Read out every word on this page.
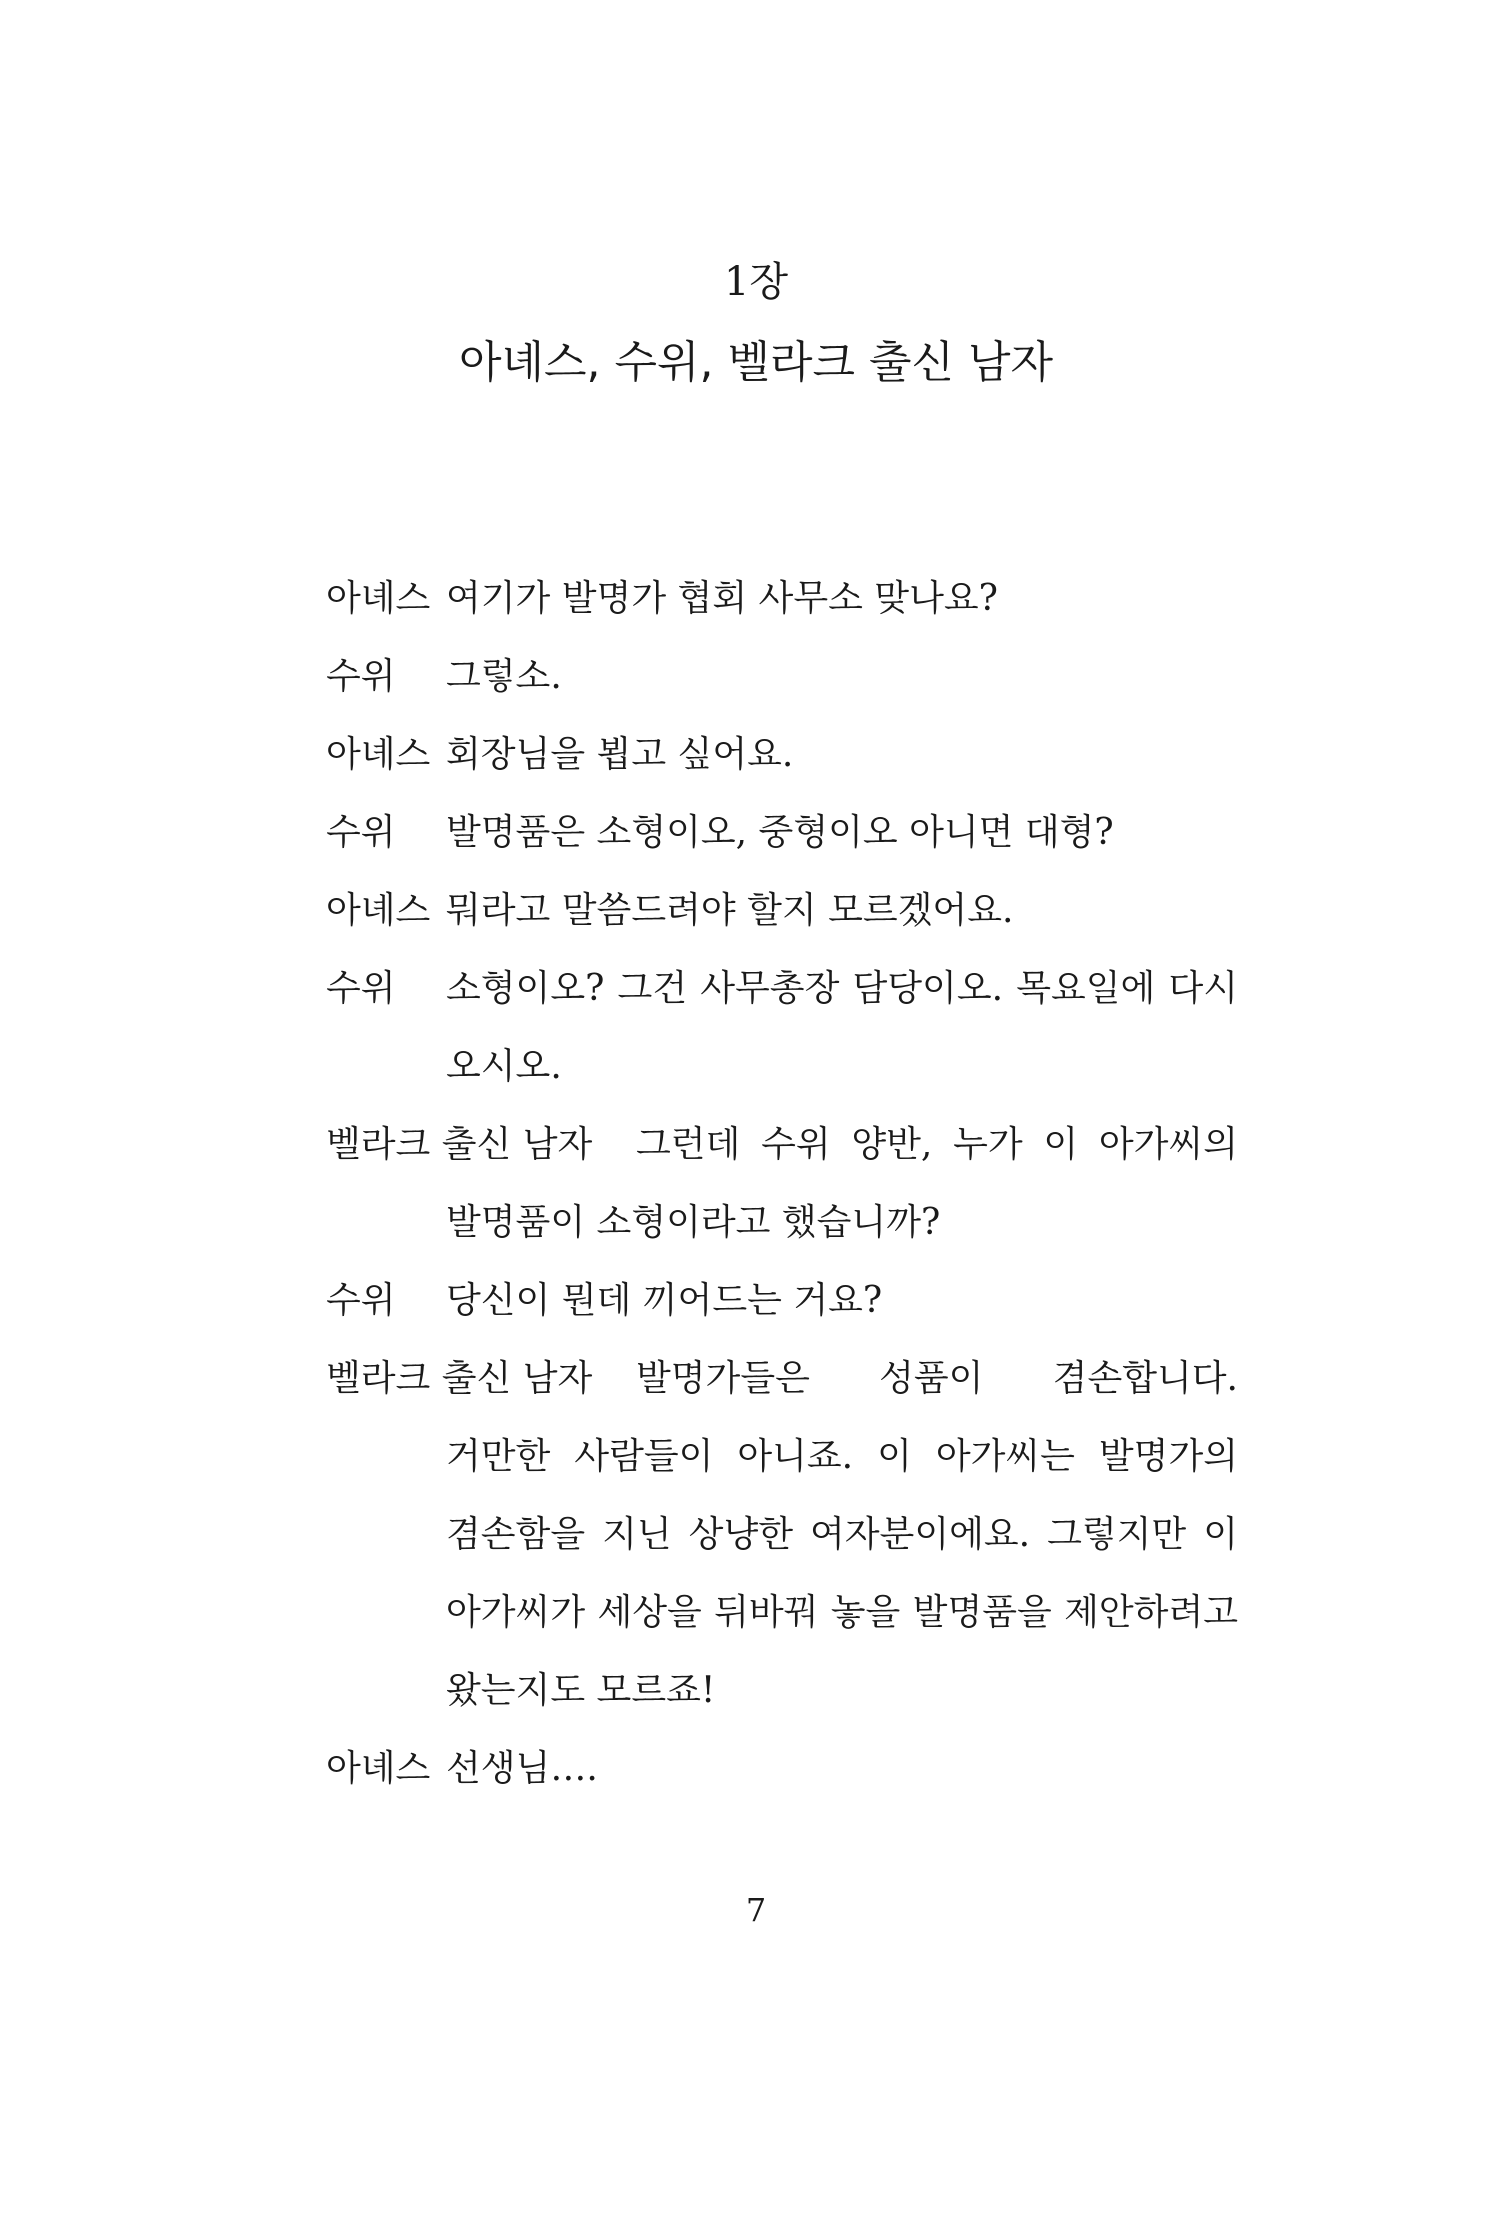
1장
아녜스, 수위, 벨라크 출신 남자
아녜스 여기가 발명가 협회 사무소 맞나요?
수위	그렇소.
아녜스 회장님을 뵙고 싶어요.
수위	발명품은 소형이오, 중형이오 아니면 대형?
아녜스 뭐라고 말씀드려야 할지 모르겠어요.
수위	소형이오? 그건 사무총장 담당이오. 목요일에 다시 오시오.
벨라크 출신 남자	그런데 수위 양반, 누가 이 아가씨의 발명품이 소형이라고 했습니까?
수위	당신이 뭔데 끼어드는 거요?
벨라크 출신 남자	발명가들은 성품이 겸손합니다. 거만한 사람들이 아니죠. 이 아가씨는 발명가의 겸손함을 지닌 상냥한 여자분이에요. 그렇지만 이 아가씨가 세상을 뒤바꿔 놓을 발명품을 제안하려고 왔는지도 모르죠!
아녜스 선생님….
7
